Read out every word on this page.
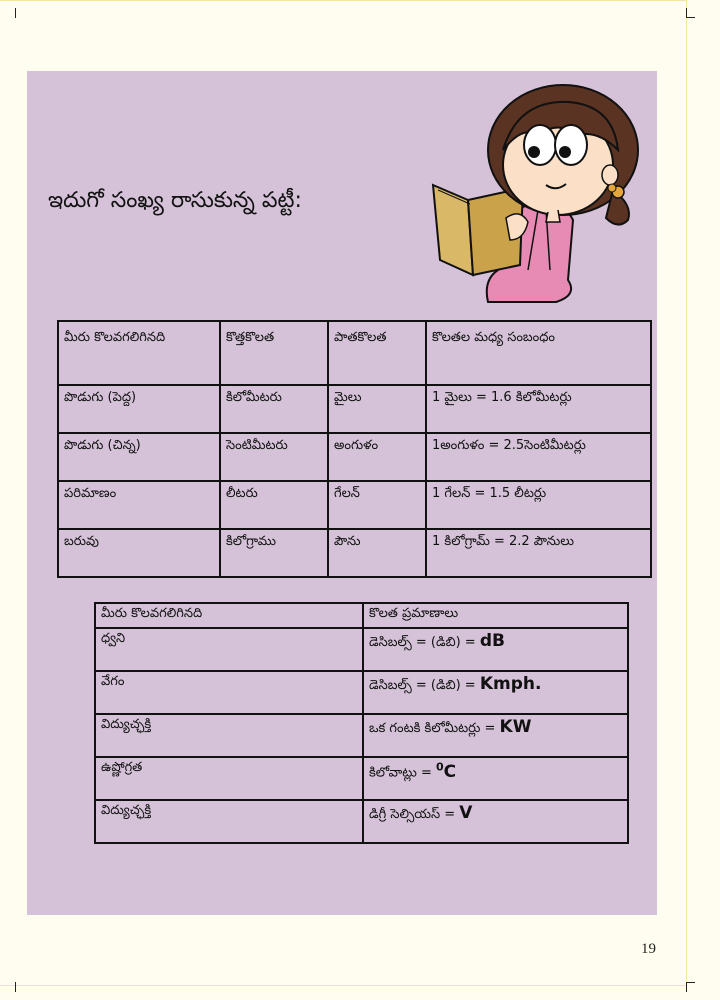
ఇదుగో సంఖ్య రాసుకున్న పట్టీ:
మీరు కొలవగలిగినది	కొత్తకొలత	పాతకొలత	కొలతల మధ్య సంబంధం
పొడుగు (పెద్ద)	కిలోమీటరు	మైలు	1 మైలు = 1.6 కిలోమీటర్లు
పొడుగు (చిన్న)	సెంటిమీటరు	అంగుళం	1అంగుళం = 2.5సెంటిమీటర్లు
పరిమాణం	లీటరు	గేలన్	1 గేలన్ = 1.5 లీటర్లు
బరువు	కిలోగ్రాము	పౌను	1 కిలోగ్రామ్ = 2.2 పౌనులు
మీరు కొలవగలిగినది	కొలత ప్రమాణాలు
ధ్వని	డెసిబల్స్ = (డిబి) = dB
వేగం	డెసిబల్స్ = (డిబి) = Kmph.
విద్యుచ్ఛక్తి	ఒక గంటకి కిలోమీటర్లు = KW
ఉష్ణోగ్రత	కిలోవాట్లు = $^0$C
విద్యుచ్ఛక్తి	డిగ్రీ సెల్సియస్ = V
19
